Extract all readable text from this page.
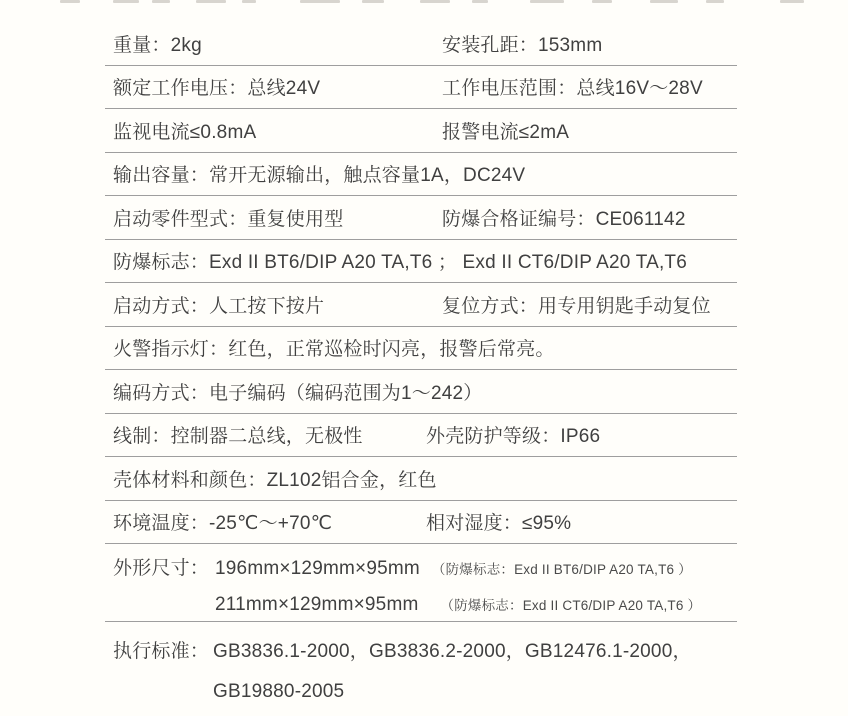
重量：2kg	安装孔距：153mm
额定工作电压：总线24V	工作电压范围：总线16V～28V
监视电流≤0.8mA	报警电流≤2mA
输出容量：常开无源输出，触点容量1A，DC24V
启动零件型式：重复使用型	防爆合格证编号：CE061142
防爆标志：Exd II BT6/DIP A20 TA,T6 ； Exd II CT6/DIP A20 TA,T6
启动方式：人工按下按片	复位方式：用专用钥匙手动复位
火警指示灯：红色，正常巡检时闪亮，报警后常亮。
编码方式：电子编码（编码范围为1～242）
线制：控制器二总线，无极性	外壳防护等级：IP66
壳体材料和颜色：ZL102铝合金，红色
环境温度：-25℃～+70℃	相对湿度：≤95%
外形尺寸： 196mm×129mm×95mm （防爆标志：Exd II BT6/DIP A20 TA,T6 ）
211mm×129mm×95mm （防爆标志：Exd II CT6/DIP A20 TA,T6 ）
执行标准： GB3836.1-2000，GB3836.2-2000，GB12476.1-2000，
GB19880-2005
